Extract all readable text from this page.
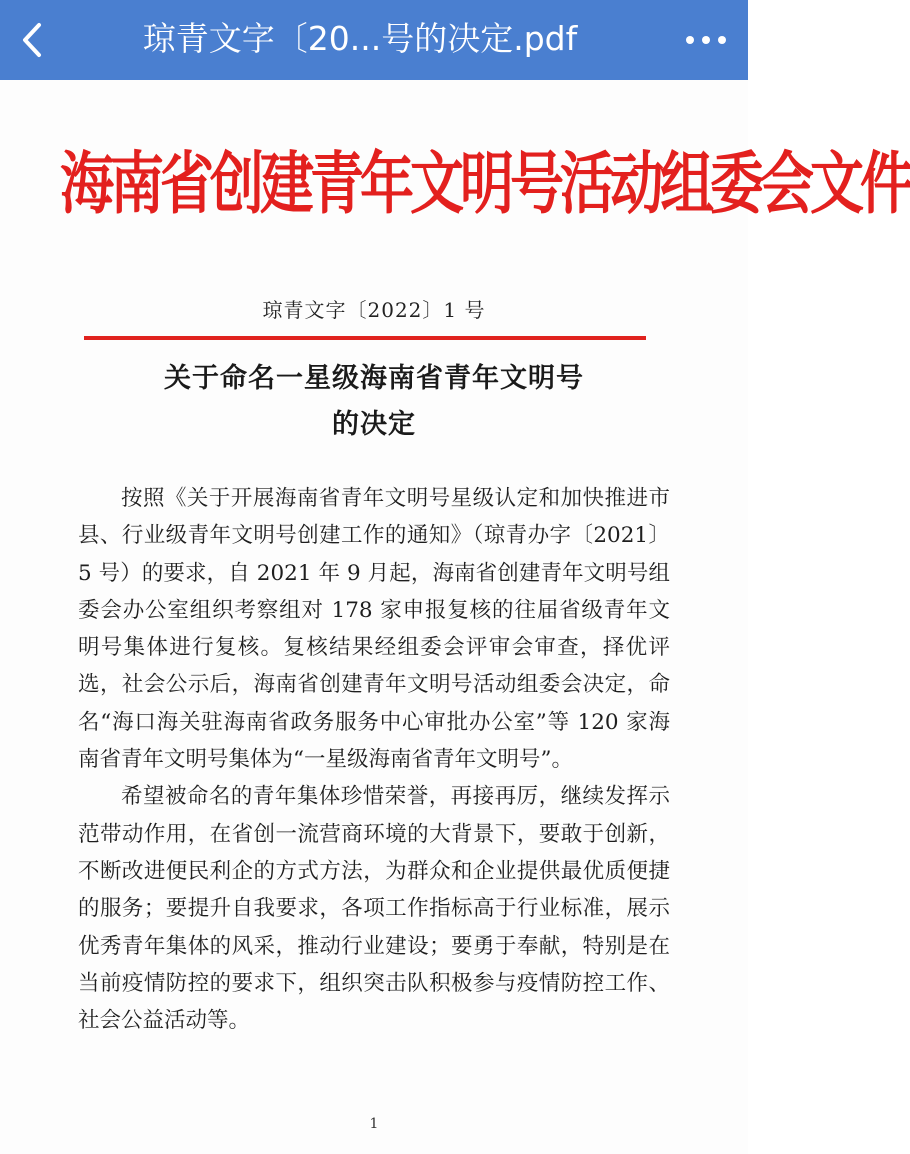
琼青文字〔20...号的决定.pdf
海南省创建青年文明号活动组委会文件
琼青文字〔2022〕1 号
关于命名一星级海南省青年文明号
的决定

按照《关于开展海南省青年文明号星级认定和加快推进市县、行业级青年文明号创建工作的通知》（琼青办字〔2021〕5 号）的要求，自 2021 年 9 月起，海南省创建青年文明号组委会办公室组织考察组对 178 家申报复核的往届省级青年文明号集体进行复核。复核结果经组委会评审会审查，择优评选，社会公示后，海南省创建青年文明号活动组委会决定，命名“海口海关驻海南省政务服务中心审批办公室”等 120 家海南省青年文明号集体为“一星级海南省青年文明号”。

希望被命名的青年集体珍惜荣誉，再接再厉，继续发挥示范带动作用，在省创一流营商环境的大背景下，要敢于创新，不断改进便民利企的方式方法，为群众和企业提供最优质便捷的服务；要提升自我要求，各项工作指标高于行业标准，展示优秀青年集体的风采，推动行业建设；要勇于奉献，特别是在当前疫情防控的要求下，组织突击队积极参与疫情防控工作、社会公益活动等。

1
